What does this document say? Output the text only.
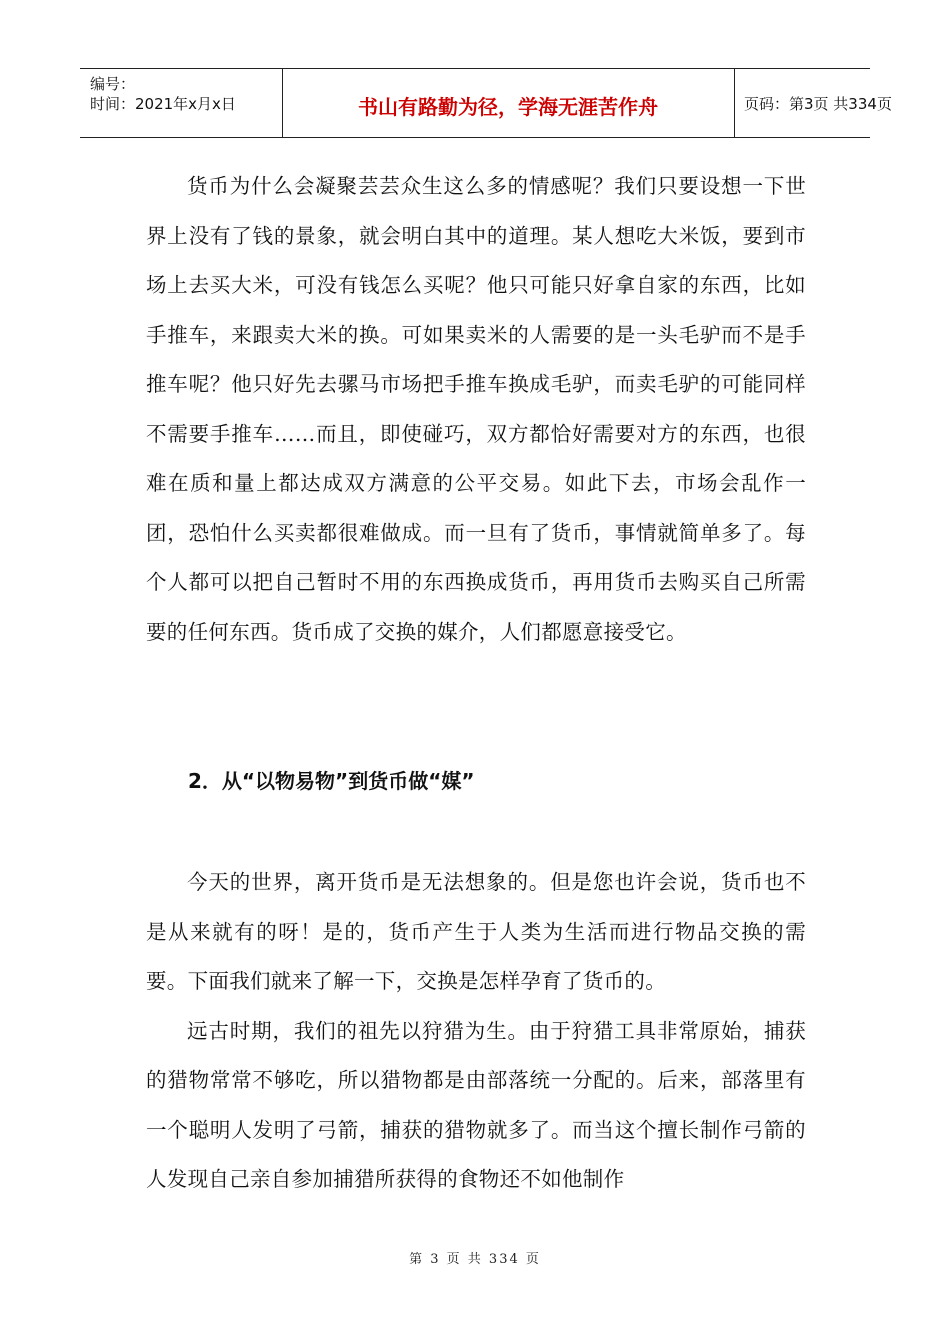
编号：
时间：2021年x月x日	书山有路勤为径，学海无涯苦作舟	页码：第3页 共334页

货币为什么会凝聚芸芸众生这么多的情感呢？我们只要设想一下世界上没有了钱的景象，就会明白其中的道理。某人想吃大米饭，要到市场上去买大米，可没有钱怎么买呢？他只可能只好拿自家的东西，比如手推车，来跟卖大米的换。可如果卖米的人需要的是一头毛驴而不是手推车呢？他只好先去骡马市场把手推车换成毛驴，而卖毛驴的可能同样不需要手推车……而且，即使碰巧，双方都恰好需要对方的东西，也很难在质和量上都达成双方满意的公平交易。如此下去，市场会乱作一团，恐怕什么买卖都很难做成。而一旦有了货币，事情就简单多了。每个人都可以把自己暂时不用的东西换成货币，再用货币去购买自己所需要的任何东西。货币成了交换的媒介，人们都愿意接受它。

2．从“以物易物”到货币做“媒”

今天的世界，离开货币是无法想象的。但是您也许会说，货币也不是从来就有的呀！是的，货币产生于人类为生活而进行物品交换的需要。下面我们就来了解一下，交换是怎样孕育了货币的。

远古时期，我们的祖先以狩猎为生。由于狩猎工具非常原始，捕获的猎物常常不够吃，所以猎物都是由部落统一分配的。后来，部落里有一个聪明人发明了弓箭，捕获的猎物就多了。而当这个擅长制作弓箭的人发现自己亲自参加捕猎所获得的食物还不如他制作

第 3 页 共 334 页
